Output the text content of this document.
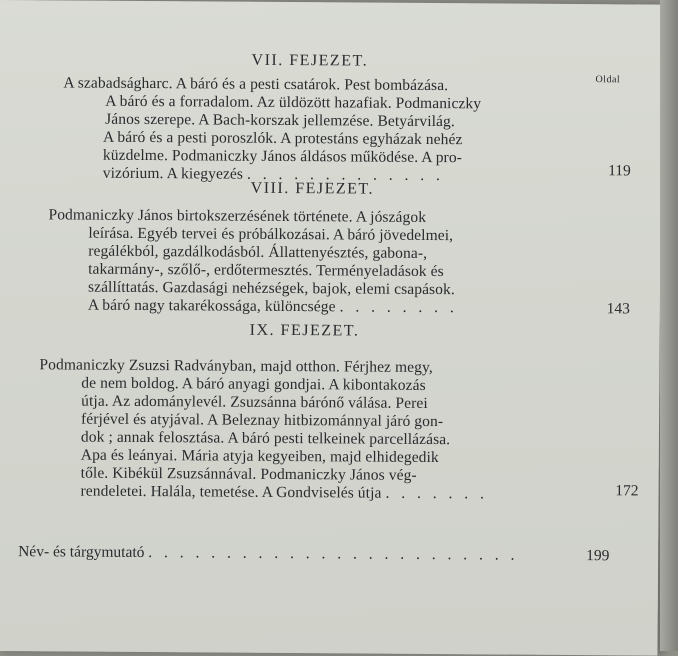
Oldal
VII. FEJEZET.

A szabadságharc. A báró és a pesti csatárok. Pest bombázása.

A báró és a forradalom. Az üldözött hazafiak. Podmaniczky

János szerepe. A Bach-korszak jellemzése. Betyárvilág.

A báró és a pesti poroszlók. A protestáns egyházak nehéz

küzdelme. Podmaniczky János áldásos működése. A pro-

vizórium. A kiegyezés . . . . . . . . . . . . .	119
VIII. FEJEZET.

Podmaniczky János birtokszerzésének története. A jószágok

leírása. Egyéb tervei és próbálkozásai. A báró jövedelmei,

regálékból, gazdálkodásból. Állattenyésztés, gabona-,

takarmány-, szőlő-, erdőtermesztés. Terményeladások és

szállíttatás. Gazdasági nehézségek, bajok, elemi csapások.

A báró nagy takarékossága, különcsége . . . . . . . .	143
IX. FEJEZET.

Podmaniczky Zsuzsi Radványban, majd otthon. Férjhez megy,

de nem boldog. A báró anyagi gondjai. A kibontakozás

útja. Az adománylevél. Zsuzsánna bárónő válása. Perei

férjével és atyjával. A Beleznay hitbizománnyal járó gon-

dok ; annak felosztása. A báró pesti telkeinek parcellázása.

Apa és leányai. Mária atyja kegyeiben, majd elhidegedik

tőle. Kibékül Zsuzsánnával. Podmaniczky János vég-

rendeletei. Halála, temetése. A Gondviselés útja . . . . . . .	172
Név- és tárgymutató . . . . . . . . . . . . . . . . . . . . . . . .	199
